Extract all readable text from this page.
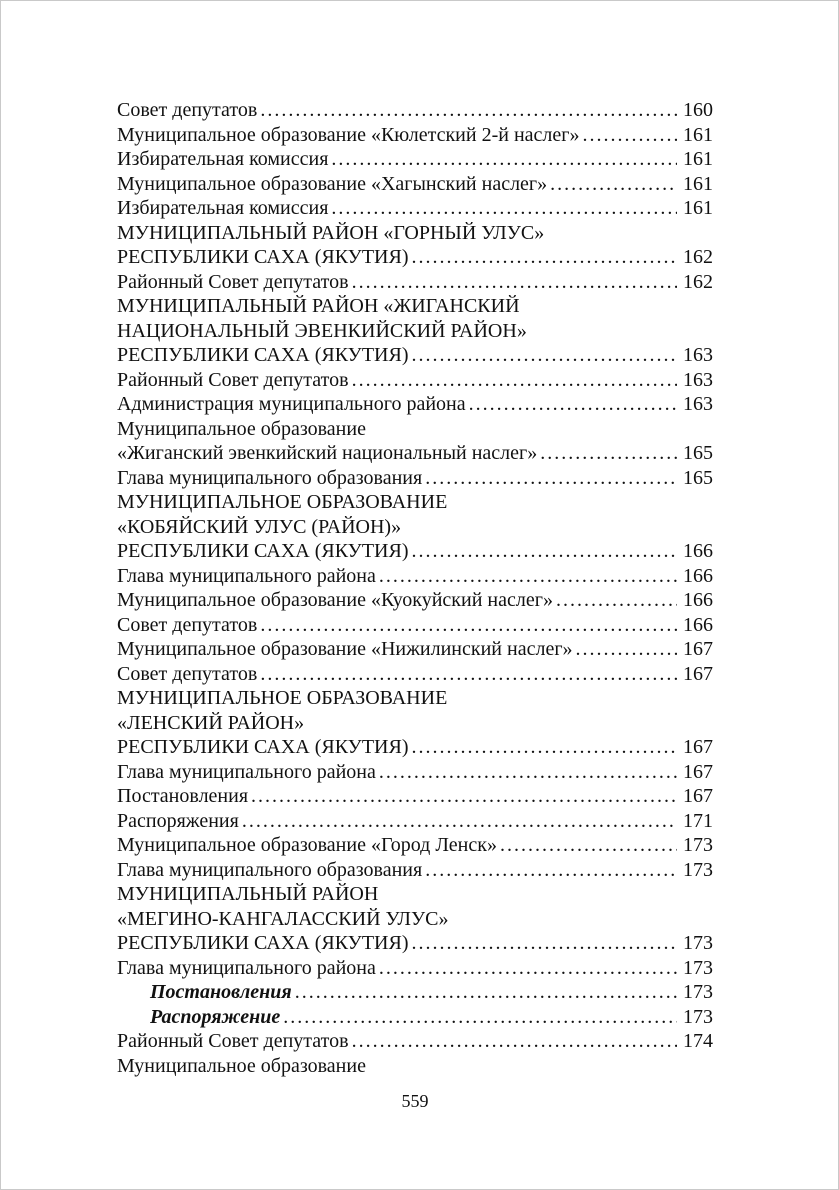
Совет депутатов .....	160
Муниципальное образование «Кюлетский 2-й наслег» .....	161
Избирательная комиссия .....	161
Муниципальное образование «Хагынский наслег» .....	161
Избирательная комиссия .....	161
МУНИЦИПАЛЬНЫЙ РАЙОН «ГОРНЫЙ УЛУС»
РЕСПУБЛИКИ САХА (ЯКУТИЯ) .....	162
Районный Совет депутатов .....	162
МУНИЦИПАЛЬНЫЙ РАЙОН «ЖИГАНСКИЙ
НАЦИОНАЛЬНЫЙ ЭВЕНКИЙСКИЙ РАЙОН»
РЕСПУБЛИКИ САХА (ЯКУТИЯ) .....	163
Районный Совет депутатов .....	163
Администрация муниципального района .....	163
Муниципальное образование
«Жиганский эвенкийский национальный наслег» .....	165
Глава муниципального образования .....	165
МУНИЦИПАЛЬНОЕ ОБРАЗОВАНИЕ
«КОБЯЙСКИЙ УЛУС (РАЙОН)»
РЕСПУБЛИКИ САХА (ЯКУТИЯ) .....	166
Глава муниципального района .....	166
Муниципальное образование «Куокуйский наслег» .....	166
Совет депутатов .....	166
Муниципальное образование «Нижилинский наслег» .....	167
Совет депутатов .....	167
МУНИЦИПАЛЬНОЕ ОБРАЗОВАНИЕ
«ЛЕНСКИЙ РАЙОН»
РЕСПУБЛИКИ САХА (ЯКУТИЯ) .....	167
Глава муниципального района .....	167
Постановления .....	167
Распоряжения .....	171
Муниципальное образование «Город Ленск» .....	173
Глава муниципального образования .....	173
МУНИЦИПАЛЬНЫЙ РАЙОН
«МЕГИНО-КАНГАЛАССКИЙ УЛУС»
РЕСПУБЛИКИ САХА (ЯКУТИЯ) .....	173
Глава муниципального района .....	173
Постановления .....	173
Распоряжение .....	173
Районный Совет депутатов .....	174
Муниципальное образование
559
